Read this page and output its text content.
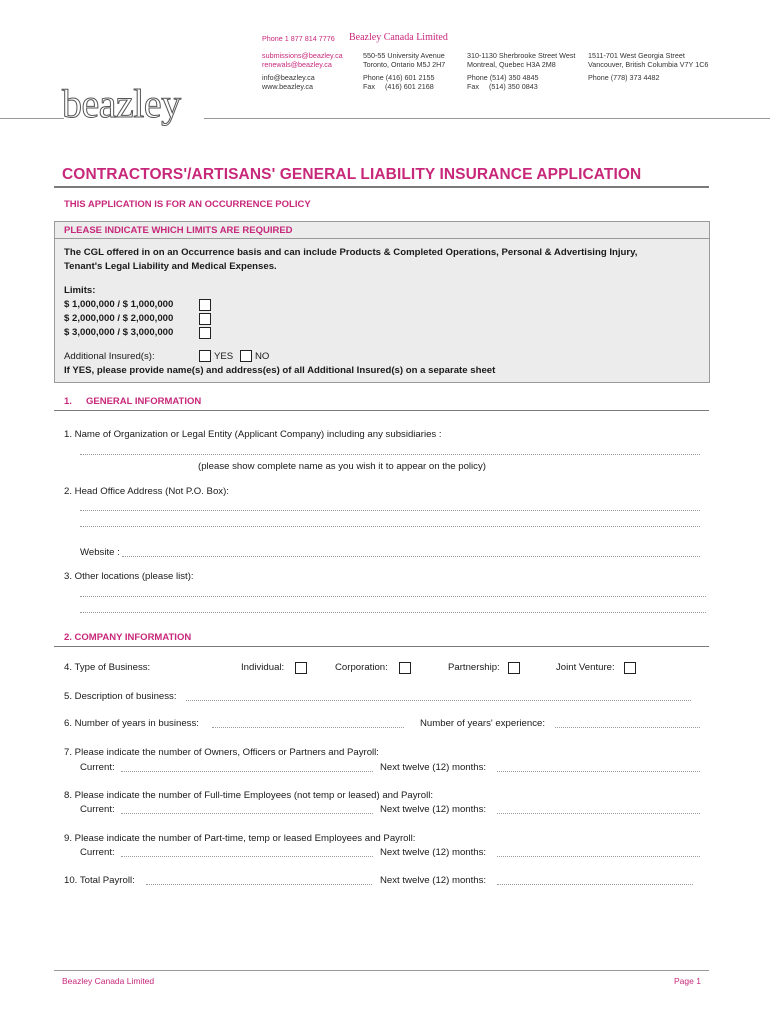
Phone 1 877 814 7776 Beazley Canada Limited
submissions@beazley.ca
renewals@beazley.ca
info@beazley.ca
www.beazley.ca
550-55 University Avenue
Toronto, Ontario M5J 2H7
Phone (416) 601 2155
Fax     (416) 601 2168
310-1130 Sherbrooke Street West
Montreal, Quebec H3A 2M8
Phone (514) 350 4845
Fax     (514) 350 0843
1511-701 West Georgia Street
Vancouver, British Columbia V7Y 1C6
Phone (778) 373 4482
beazley
CONTRACTORS'/ARTISANS' GENERAL LIABILITY INSURANCE APPLICATION
THIS APPLICATION IS FOR AN OCCURRENCE POLICY
PLEASE INDICATE WHICH LIMITS ARE REQUIRED
The CGL offered in on an Occurrence basis and can include Products & Completed Operations, Personal & Advertising Injury,
Tenant's Legal Liability and Medical Expenses.
Limits:
$ 1,000,000 / $ 1,000,000
$ 2,000,000 / $ 2,000,000
$ 3,000,000 / $ 3,000,000
Additional Insured(s):	YES NO
If YES, please provide name(s) and address(es) of all Additional Insured(s) on a separate sheet
1. GENERAL INFORMATION
1. Name of Organization or Legal Entity (Applicant Company) including any subsidiaries :
(please show complete name as you wish it to appear on the policy)
2. Head Office Address (Not P.O. Box):
Website :
3. Other locations (please list):
2. COMPANY INFORMATION
4. Type of Business:	Individual:	Corporation:	Partnership:	Joint Venture:
5. Description of business:
6. Number of years in business:	Number of years' experience:
7. Please indicate the number of Owners, Officers or Partners and Payroll:
Current:	Next twelve (12) months:
8. Please indicate the number of Full-time Employees (not temp or leased) and Payroll:
Current:	Next twelve (12) months:
9. Please indicate the number of Part-time, temp or leased Employees and Payroll:
Current:	Next twelve (12) months:
10. Total Payroll:	Next twelve (12) months:
Beazley Canada Limited	Page 1
